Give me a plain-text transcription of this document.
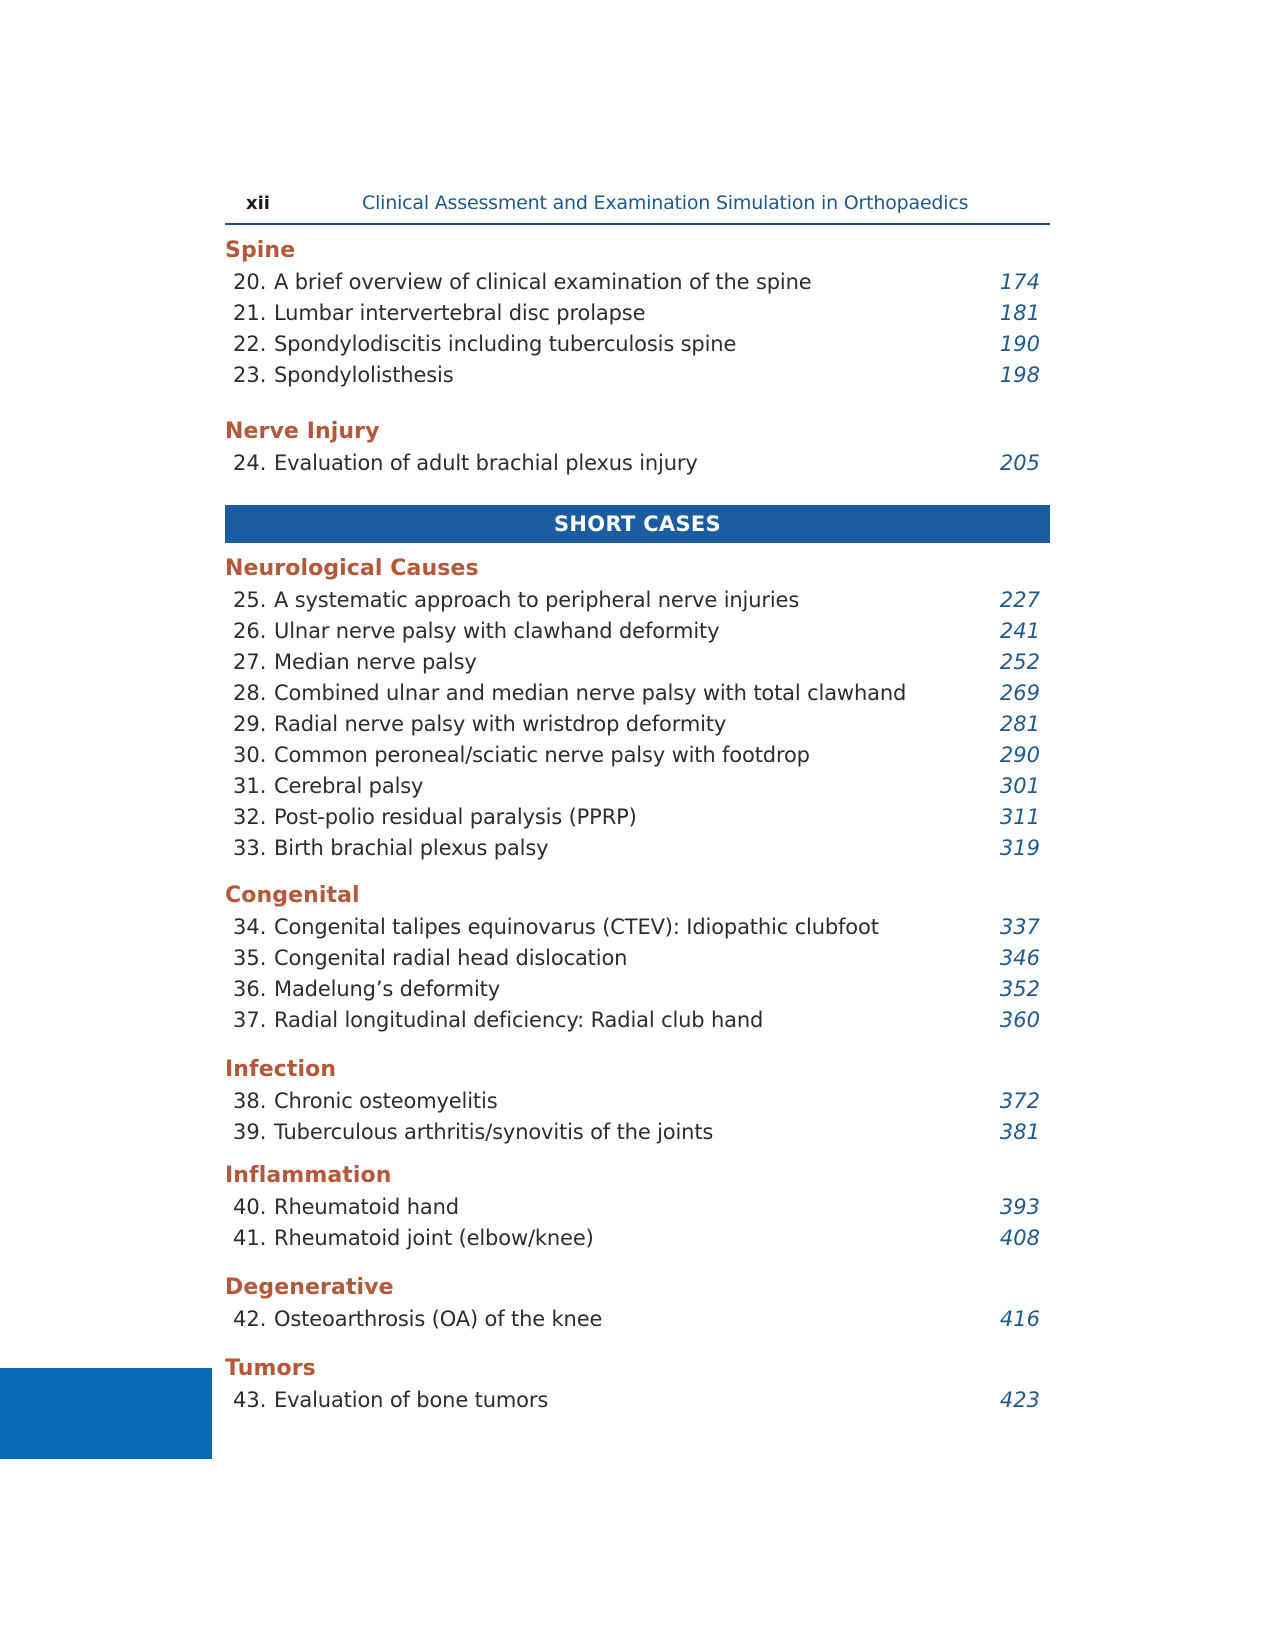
xii	Clinical Assessment and Examination Simulation in Orthopaedics
Spine
20. A brief overview of clinical examination of the spine	174
21. Lumbar intervertebral disc prolapse	181
22. Spondylodiscitis including tuberculosis spine	190
23. Spondylolisthesis	198
Nerve Injury
24. Evaluation of adult brachial plexus injury	205
SHORT CASES
Neurological Causes
25. A systematic approach to peripheral nerve injuries	227
26. Ulnar nerve palsy with clawhand deformity	241
27. Median nerve palsy	252
28. Combined ulnar and median nerve palsy with total clawhand	269
29. Radial nerve palsy with wristdrop deformity	281
30. Common peroneal/sciatic nerve palsy with footdrop	290
31. Cerebral palsy	301
32. Post-polio residual paralysis (PPRP)	311
33. Birth brachial plexus palsy	319
Congenital
34. Congenital talipes equinovarus (CTEV): Idiopathic clubfoot	337
35. Congenital radial head dislocation	346
36. Madelung’s deformity	352
37. Radial longitudinal deficiency: Radial club hand	360
Infection
38. Chronic osteomyelitis	372
39. Tuberculous arthritis/synovitis of the joints	381
Inflammation
40. Rheumatoid hand	393
41. Rheumatoid joint (elbow/knee)	408
Degenerative
42. Osteoarthrosis (OA) of the knee	416
Tumors
43. Evaluation of bone tumors	423
